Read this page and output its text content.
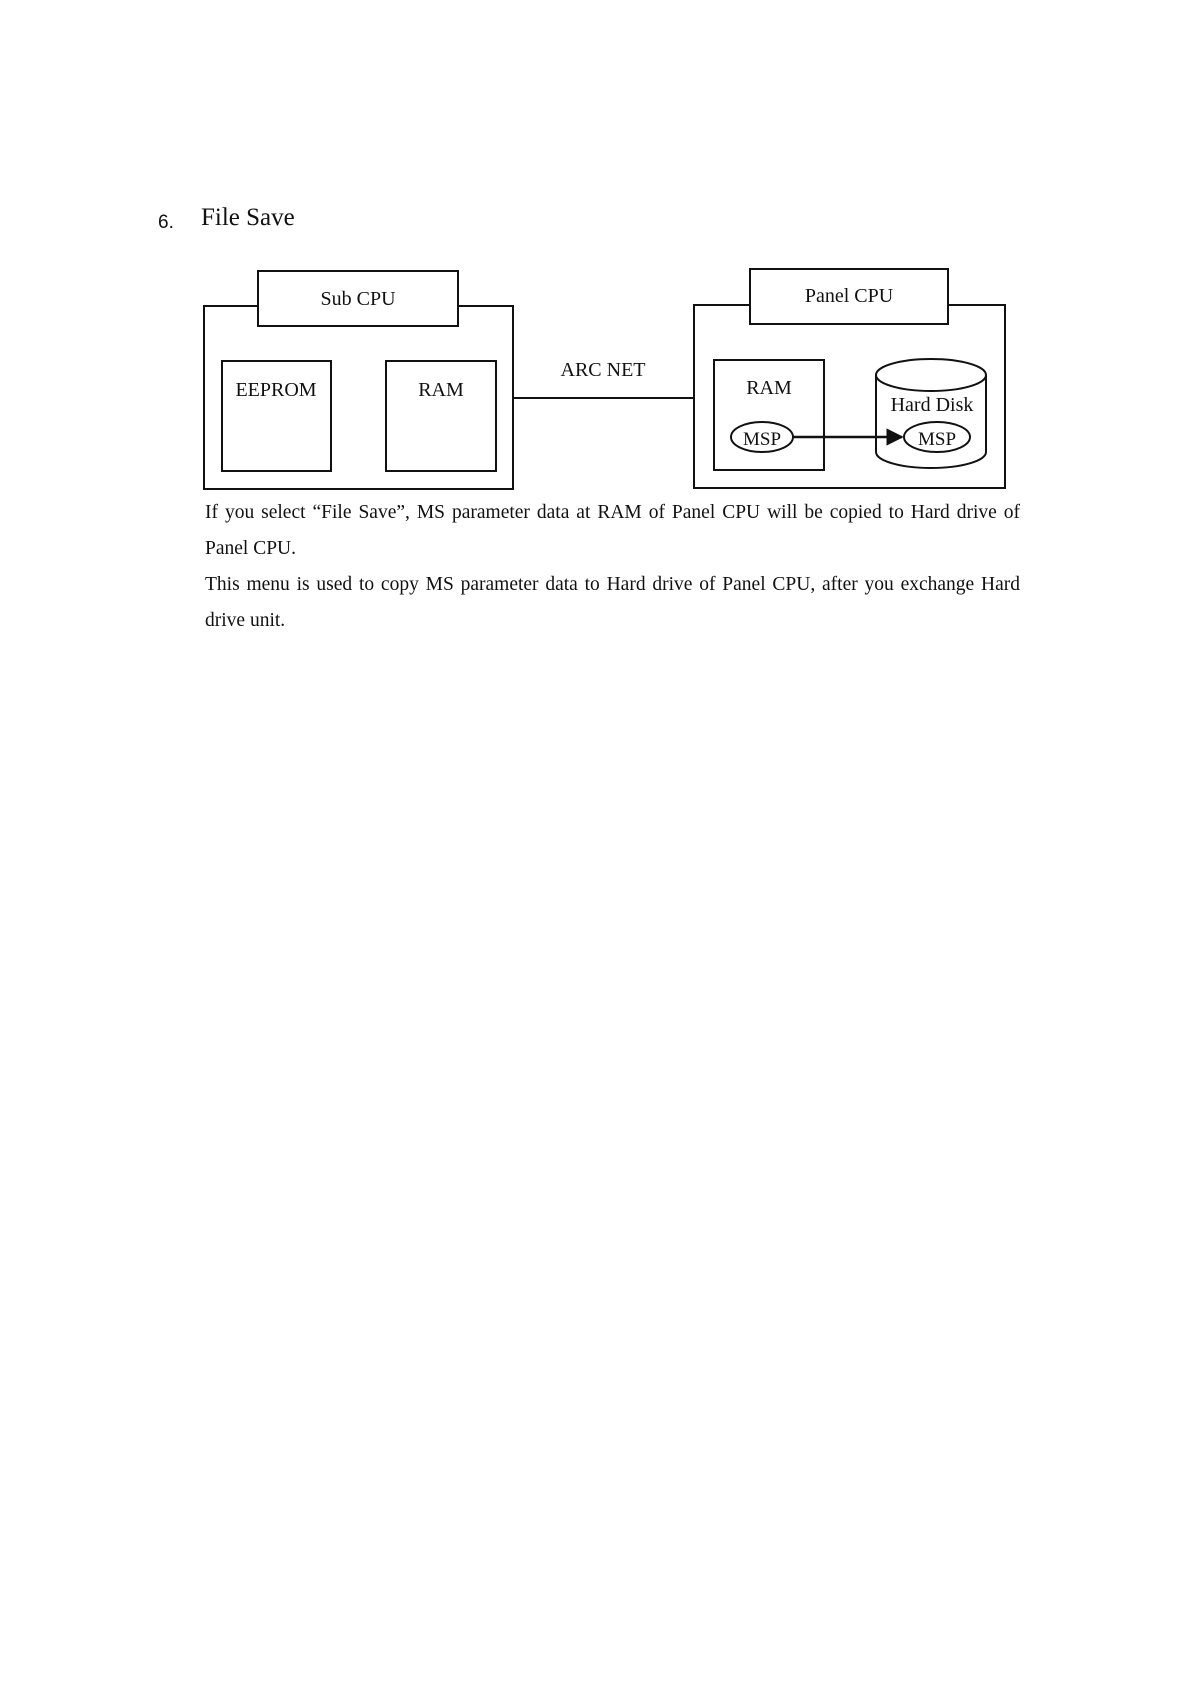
6. File Save
Sub CPU
EEPROM	RAM
ARC NET
Panel CPU
RAM
MSP
Hard Disk
MSP

If you select “File Save”, MS parameter data at RAM of Panel CPU will be copied to Hard drive of Panel CPU.

This menu is used to copy MS parameter data to Hard drive of Panel CPU, after you exchange Hard drive unit.
